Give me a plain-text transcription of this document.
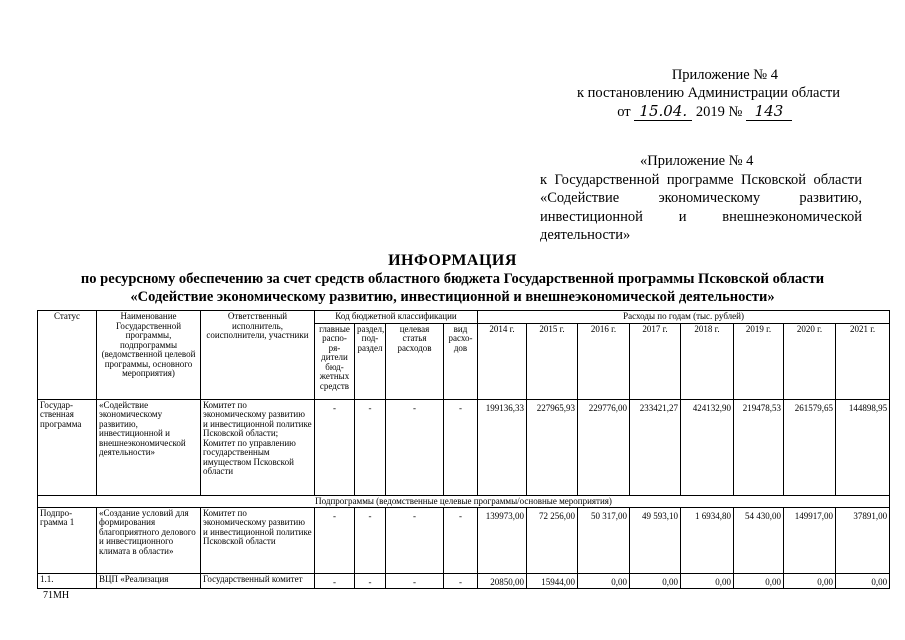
Приложение № 4
к постановлению Администрации области
от 15.04. 2019 № 143
«Приложение № 4
к Государственной программе Псковской области «Содействие экономическому развитию, инвестиционной и внешнеэкономической деятельности»
ИНФОРМАЦИЯ
по ресурсному обеспечению за счет средств областного бюджета Государственной программы Псковской области
«Содействие экономическому развитию, инвестиционной и внешнеэкономической деятельности»
Статус	Наименование Государственной программы, подпрограммы (ведомственной целевой программы, основного мероприятия)	Ответственный исполнитель, соисполнители, участники	Код бюджетной классификации				Расходы по годам (тыс. рублей)							
			главные распо-ря-дители бюд-жетных средств	раздел, под-раздел	целевая статья расходов	вид расхо-дов	2014 г.	2015 г.	2016 г.	2017 г.	2018 г.	2019 г.	2020 г.	2021 г.
Государ-ственная программа	«Содействие экономическому развитию, инвестиционной и внешнеэкономической деятельности»	Комитет по экономическому развитию и инвестиционной политике Псковской области; Комитет по управлению государственным имуществом Псковской области	-	-	-	-	199136,33	227965,93	229776,00	233421,27	424132,90	219478,53	261579,65	144898,95
Подпрограммы (ведомственные целевые программы/основные мероприятия)														
Подпро-грамма 1	«Создание условий для формирования благоприятного делового и инвестиционного климата в области»	Комитет по экономическому развитию и инвестиционной политике Псковской области	-	-	-	-	139973,00	72 256,00	50 317,00	49 593,10	1 6934,80	54 430,00	149917,00	37891,00
1.1.	ВЦП «Реализация	Государственный комитет	-	-	-	-	20850,00	15944,00	0,00	0,00	0,00	0,00	0,00	0,00
71МН
